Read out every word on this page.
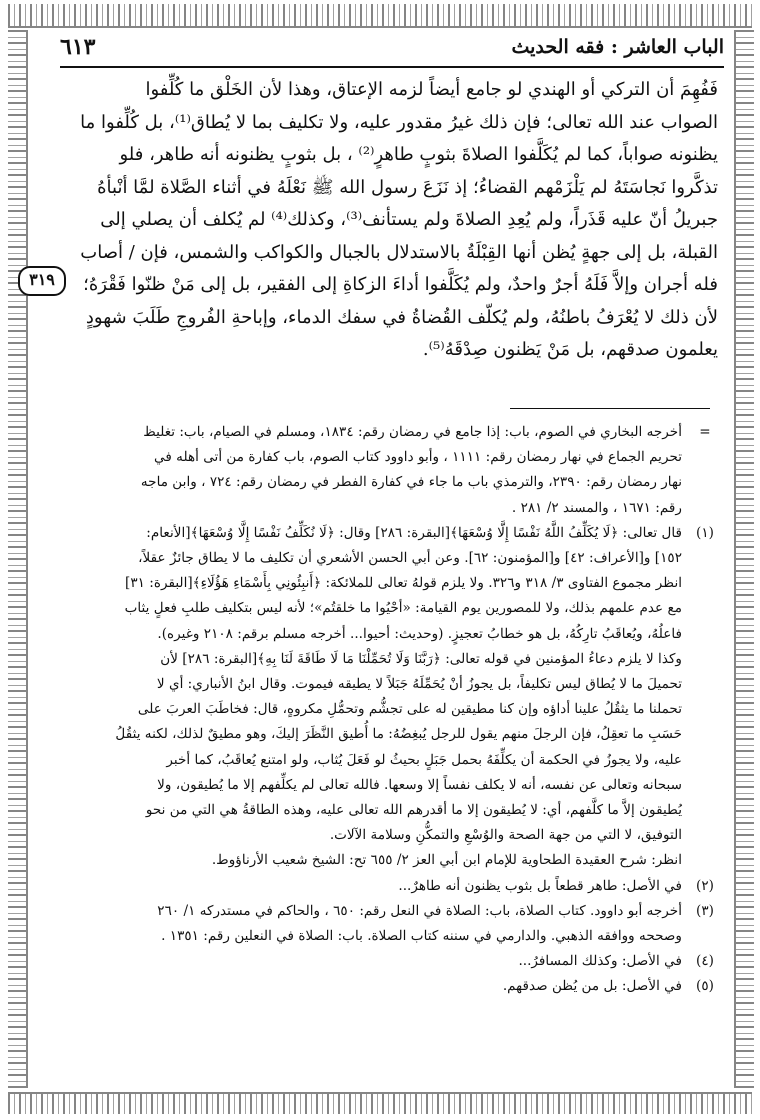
الباب العاشر : فقه الحديث
٦١٣

فَفُهِمَ أن التركي أو الهندي لو جامع أيضاً لزمه الإعتاق، وهذا لأن الخَلْق ما كُلِّفوا

الصواب عند الله تعالى؛ فإن ذلك غيرُ مقدور عليه، ولا تكليف بما لا يُطاق⁽¹⁾، بل كُلِّفوا ما

يظنونه صواباً، كما لم يُكَلَّفوا الصلاةَ بثوبٍ طاهرٍ⁽²⁾ ، بل بثوبٍ يظنونه أنه طاهر، فلو

تذكَّروا نَجاسَتَهُ لم يَلْزَمْهم القضاءُ؛ إذ نَزَعَ رسول الله ﷺ نَعْلَهُ في أثناء الصَّلاة لمَّا أنْبأهُ

جبريلُ أنّ عليه قَذَراً، ولم يُعِدِ الصلاةَ ولم يستأنف⁽³⁾، وكذلك⁽⁴⁾ لم يُكلف أن يصلي إلى

القبلة، بل إلى جهةٍ يُظن أنها القِبْلَةُ بالاستدلال بالجبال والكواكب والشمس، فإن / أصاب

فله أجران وإلاَّ فَلَهُ أجرٌ واحدٌ، ولم يُكَلَّفوا أداءَ الزكاةِ إلى الفقير، بل إلى مَنْ ظنّوا فَقْرَهُ؛

لأن ذلك لا يُعْرَفُ باطنُهُ، ولم يُكلّف القُضاةُ في سفك الدماء، وإباحةِ الفُروجِ طَلَبَ شهودٍ

يعلمون صدقهم، بل مَنْ يَظنون صِدْقَهُ⁽⁵⁾.

٣١٩
=
أخرجه البخاري في الصوم، باب: إذا جامع في رمضان رقم: ١٨٣٤، ومسلم في الصيام، باب: تغليظ
تحريم الجماع في نهار رمضان رقم: ١١١١ ، وأبو داوود كتاب الصوم، باب كفارة من أتى أهله في
نهار رمضان رقم: ٢٣٩٠، والترمذي باب ما جاء في كفارة الفطر في رمضان رقم: ٧٢٤ ، وابن ماجه
رقم: ١٦٧١ ، والمسند ٢/ ٢٨١ .
(١)
قال تعالى: ﴿لَا يُكَلِّفُ اللَّهُ نَفْسًا إِلَّا وُسْعَهَا﴾[البقرة: ٢٨٦] وقال: ﴿لَا نُكَلِّفُ نَفْسًا إِلَّا وُسْعَهَا﴾[الأنعام:
١٥٢] و[الأعراف: ٤٢] و[المؤمنون: ٦٢]. وعن أبي الحسن الأشعري أن تكليف ما لا يطاق جائزٌ عقلاً،
انظر مجموع الفتاوى ٣/ ٣١٨ و٣٢٦. ولا يلزم قولهُ تعالى للملائكة: ﴿أَنبِئُونِي بِأَسْمَاءِ هَؤُلَاءِ﴾[البقرة: ٣١]
مع عدم علمهم بذلك، ولا للمصورين يوم القيامة: «أحْيُوا ما خلقتُم»؛ لأنه ليس بتكليف طلبِ فعلٍ يثاب
فاعلُهُ، ويُعاقَبُ تارِكُهُ، بل هو خطابُ تعجيزٍ. (وحديث: أحيوا... أخرجه مسلم برقم: ٢١٠٨ وغيره).
وكذا لا يلزم دعاءُ المؤمنين في قوله تعالى: ﴿رَبَّنَا وَلَا تُحَمِّلْنَا مَا لَا طَاقَةَ لَنَا بِهِ﴾[البقرة: ٢٨٦] لأن
تحميلَ ما لا يُطاق ليس تكليفاً، بل يجوزُ أنْ يُحَمِّلَهُ جَبَلاً لا يطيقه فيموت. وقال ابنُ الأنباري: أي لا
تحملنا ما يثقُلُ علينا أداؤه وإن كنا مطيقين له على تجشُّم وتحمُّلِ مكروهٍ، قال: فخاطَبَ العربَ على
حَسَبِ ما تعقِلُ، فإن الرجلَ منهم يقول للرجل يُبغِضُهُ: ما أُطيق النَّظَرَ إليكَ، وهو مطيقٌ لذلك، لكنه يثقُلُ
عليه، ولا يجوزُ في الحكمة أن يكلِّفَهُ بحمل جَبَلٍ بحيثُ لو فَعَلَ يُثاب، ولو امتنع يُعاقَبُ، كما أخبر
سبحانه وتعالى عن نفسه، أنه لا يكلف نفساً إلا وسعها. فالله تعالى لم يكلِّفهم إلا ما يُطيقون، ولا
يُطيقون إلاَّ ما كلَّفهم، أي: لا يُطيقون إلا ما أقدرهم الله تعالى عليه، وهذه الطاقةُ هي التي من نحو
التوفيق، لا التي من جهة الصحة والوُسْعِ والتمكُّنِ وسلامة الآلات.

انظر: شرح العقيدة الطحاوية للإمام ابن أبي العز ٢/ ٦٥٥ تح: الشيخ شعيب الأرناؤوط.

(٢)
في الأصل: طاهر قطعاً بل بثوب يظنون أنه طاهرٌ...
(٣)
أخرجه أبو داوود. كتاب الصلاة، باب: الصلاة في النعل رقم: ٦٥٠ ، والحاكم في مستدركه ١/ ٢٦٠
وصححه ووافقه الذهبي. والدارمي في سننه كتاب الصلاة. باب: الصلاة في النعلين رقم: ١٣٥١ .
(٤)
في الأصل: وكذلك المسافرُ...
(٥)
في الأصل: بل من يُظن صدقهم.
